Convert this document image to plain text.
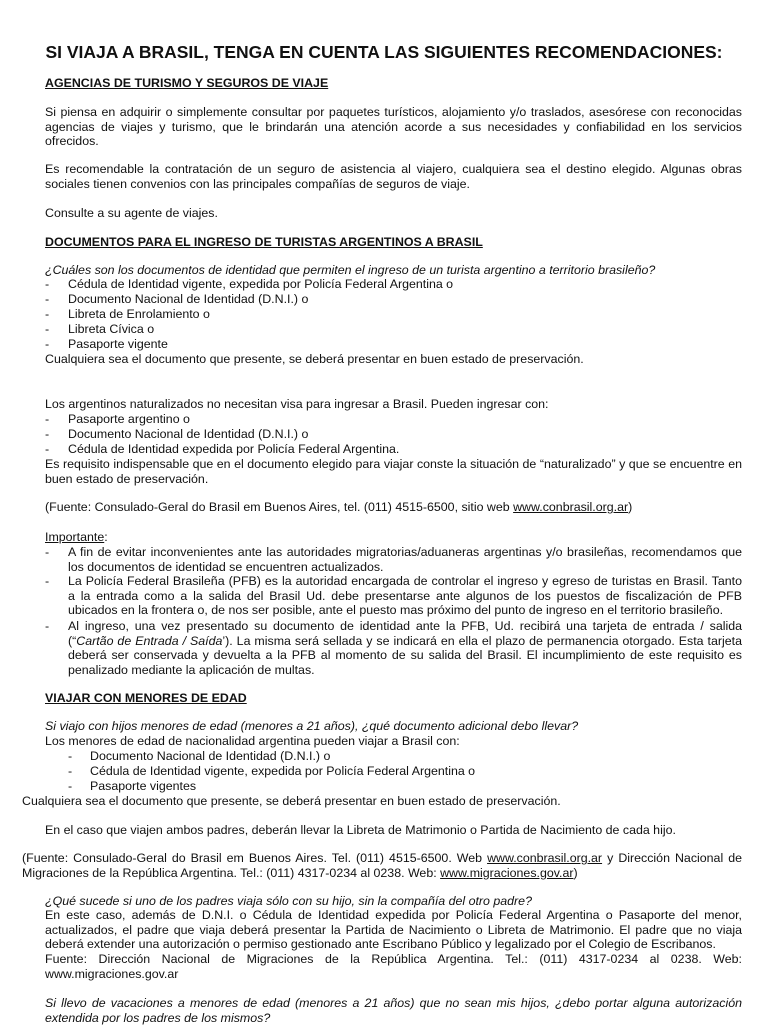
SI VIAJA A BRASIL, TENGA EN CUENTA LAS SIGUIENTES RECOMENDACIONES:
AGENCIAS DE TURISMO Y SEGUROS DE VIAJE
Si piensa en adquirir o simplemente consultar por paquetes turísticos, alojamiento y/o traslados, asesórese con reconocidas agencias de viajes y turismo, que le brindarán una atención acorde a sus necesidades y confiabilidad en los servicios ofrecidos.
Es recomendable la contratación de un seguro de asistencia al viajero, cualquiera sea el destino elegido. Algunas obras sociales tienen convenios con las principales compañías de seguros de viaje.
Consulte a su agente de viajes.
DOCUMENTOS PARA EL INGRESO DE TURISTAS ARGENTINOS A BRASIL
¿Cuáles son los documentos de identidad que permiten el ingreso de un turista argentino a territorio brasileño?
- Cédula de Identidad vigente, expedida por Policía Federal Argentina o
- Documento Nacional de Identidad (D.N.I.) o
- Libreta de Enrolamiento o
- Libreta Cívica o
- Pasaporte vigente
Cualquiera sea el documento que presente, se deberá presentar en buen estado de preservación.
Los argentinos naturalizados no necesitan visa para ingresar a Brasil. Pueden ingresar con:
- Pasaporte argentino o
- Documento Nacional de Identidad (D.N.I.) o
- Cédula de Identidad expedida por Policía Federal Argentina.
Es requisito indispensable que en el documento elegido para viajar conste la situación de “naturalizado” y que se encuentre en buen estado de preservación.
(Fuente: Consulado-Geral do Brasil em Buenos Aires, tel. (011) 4515-6500, sitio web www.conbrasil.org.ar)
Importante:
- A fin de evitar inconvenientes ante las autoridades migratorias/aduaneras argentinas y/o brasileñas, recomendamos que los documentos de identidad se encuentren actualizados.
- La Policía Federal Brasileña (PFB) es la autoridad encargada de controlar el ingreso y egreso de turistas en Brasil. Tanto a la entrada como a la salida del Brasil Ud. debe presentarse ante algunos de los puestos de fiscalización de PFB ubicados en la frontera o, de nos ser posible, ante el puesto mas próximo del punto de ingreso en el territorio brasileño.
- Al ingreso, una vez presentado su documento de identidad ante la PFB, Ud. recibirá una tarjeta de entrada / salida (“Cartão de Entrada / Saída’). La misma será sellada y se indicará en ella el plazo de permanencia otorgado. Esta tarjeta deberá ser conservada y devuelta a la PFB al momento de su salida del Brasil. El incumplimiento de este requisito es penalizado mediante la aplicación de multas.
VIAJAR CON MENORES DE EDAD
Si viajo con hijos menores de edad (menores a 21 años), ¿qué documento adicional debo llevar?
Los menores de edad de nacionalidad argentina pueden viajar a Brasil con:
- Documento Nacional de Identidad (D.N.I.) o
- Cédula de Identidad vigente, expedida por Policía Federal Argentina o
- Pasaporte vigentes
Cualquiera sea el documento que presente, se deberá presentar en buen estado de preservación.
En el caso que viajen ambos padres, deberán llevar la Libreta de Matrimonio o Partida de Nacimiento de cada hijo.
(Fuente: Consulado-Geral do Brasil em Buenos Aires. Tel. (011) 4515-6500. Web www.conbrasil.org.ar y Dirección Nacional de Migraciones de la República Argentina. Tel.: (011) 4317-0234 al 0238. Web: www.migraciones.gov.ar)
¿Qué sucede si uno de los padres viaja sólo con su hijo, sin la compañía del otro padre?
En este caso, además de D.N.I. o Cédula de Identidad expedida por Policía Federal Argentina o Pasaporte del menor, actualizados, el padre que viaja deberá presentar la Partida de Nacimiento o Libreta de Matrimonio. El padre que no viaja deberá extender una autorización o permiso gestionado ante Escribano Público y legalizado por el Colegio de Escribanos.
Fuente: Dirección Nacional de Migraciones de la República Argentina. Tel.: (011) 4317-0234 al 0238. Web: www.migraciones.gov.ar
Si llevo de vacaciones a menores de edad (menores a 21 años) que no sean mis hijos, ¿debo portar alguna autorización extendida por los padres de los mismos?
